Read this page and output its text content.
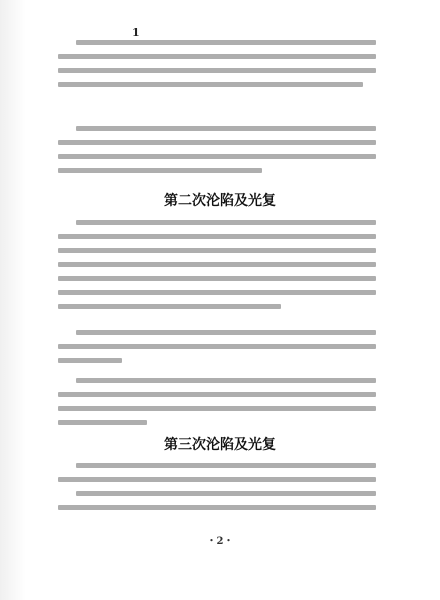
1
第二次沦陷及光复
第三次沦陷及光复
・2・
